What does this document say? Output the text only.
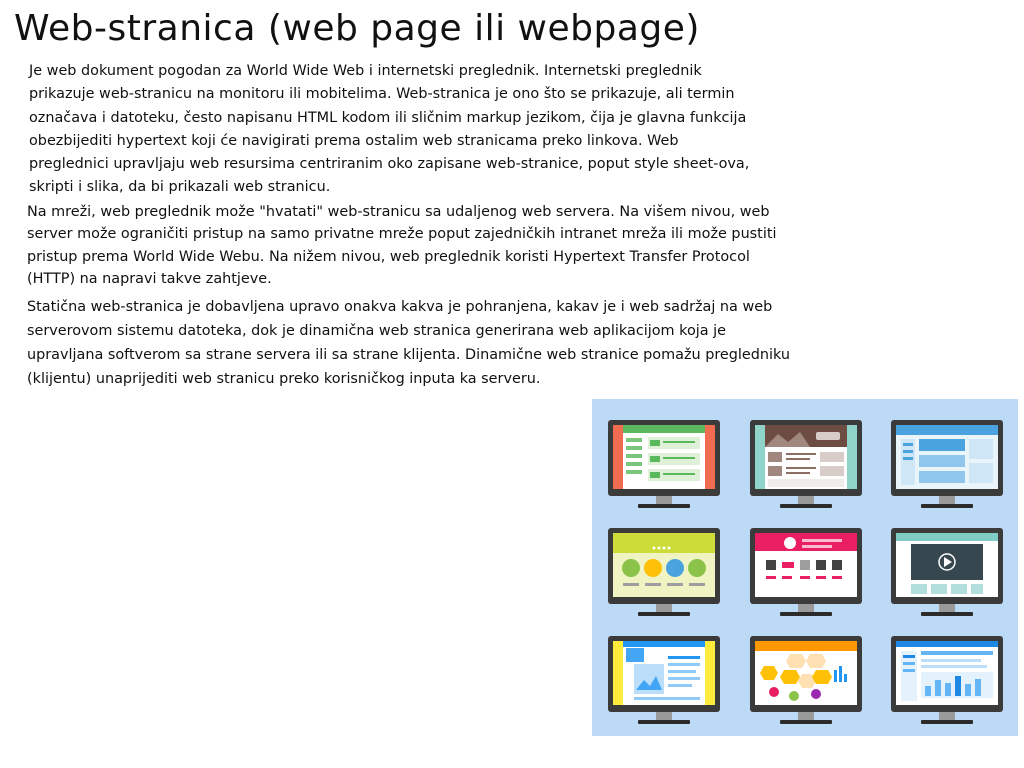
Web-stranica (web page ili webpage)

Je web dokument pogodan za World Wide Web i internetski preglednik. Internetski preglednik prikazuje web-stranicu na monitoru ili mobitelima. Web-stranica je ono što se prikazuje, ali termin označava i datoteku, često napisanu HTML kodom ili sličnim markup jezikom, čija je glavna funkcija obezbijediti hypertext koji će navigirati prema ostalim web stranicama preko linkova. Web preglednici upravljaju web resursima centriranim oko zapisane web-stranice, poput style sheet-ova, skripti i slika, da bi prikazali web stranicu.

Na mreži, web preglednik može "hvatati" web-stranicu sa udaljenog web servera. Na višem nivou, web server može ograničiti pristup na samo privatne mreže poput zajedničkih intranet mreža ili može pustiti pristup prema World Wide Webu. Na nižem nivou, web preglednik koristi Hypertext Transfer Protocol (HTTP) na napravi takve zahtjeve.

Statična web-stranica je dobavljena upravo onakva kakva je pohranjena, kakav je i web sadržaj na web serverovom sistemu datoteka, dok je dinamična web stranica generirana web aplikacijom koja je upravljana softverom sa strane servera ili sa strane klijenta. Dinamične web stranice pomažu pregledniku (klijentu) unaprijediti web stranicu preko korisničkog inputa ka serveru.
